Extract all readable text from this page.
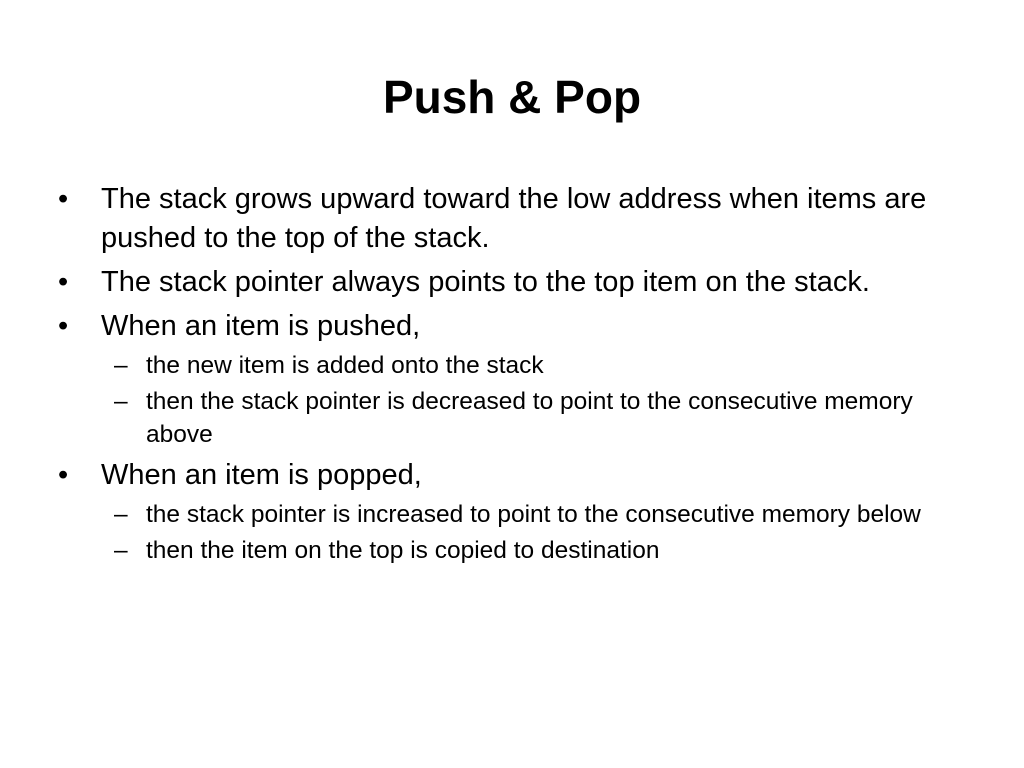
Push & Pop
• The stack grows upward toward the low address when items are pushed to the top of the stack.
• The stack pointer always points to the top item on the stack.
• When an item is pushed,
– the new item is added onto the stack
– then the stack pointer is decreased to point to the consecutive memory above
• When an item is popped,
– the stack pointer is increased to point to the consecutive memory below
– then the item on the top is copied to destination
